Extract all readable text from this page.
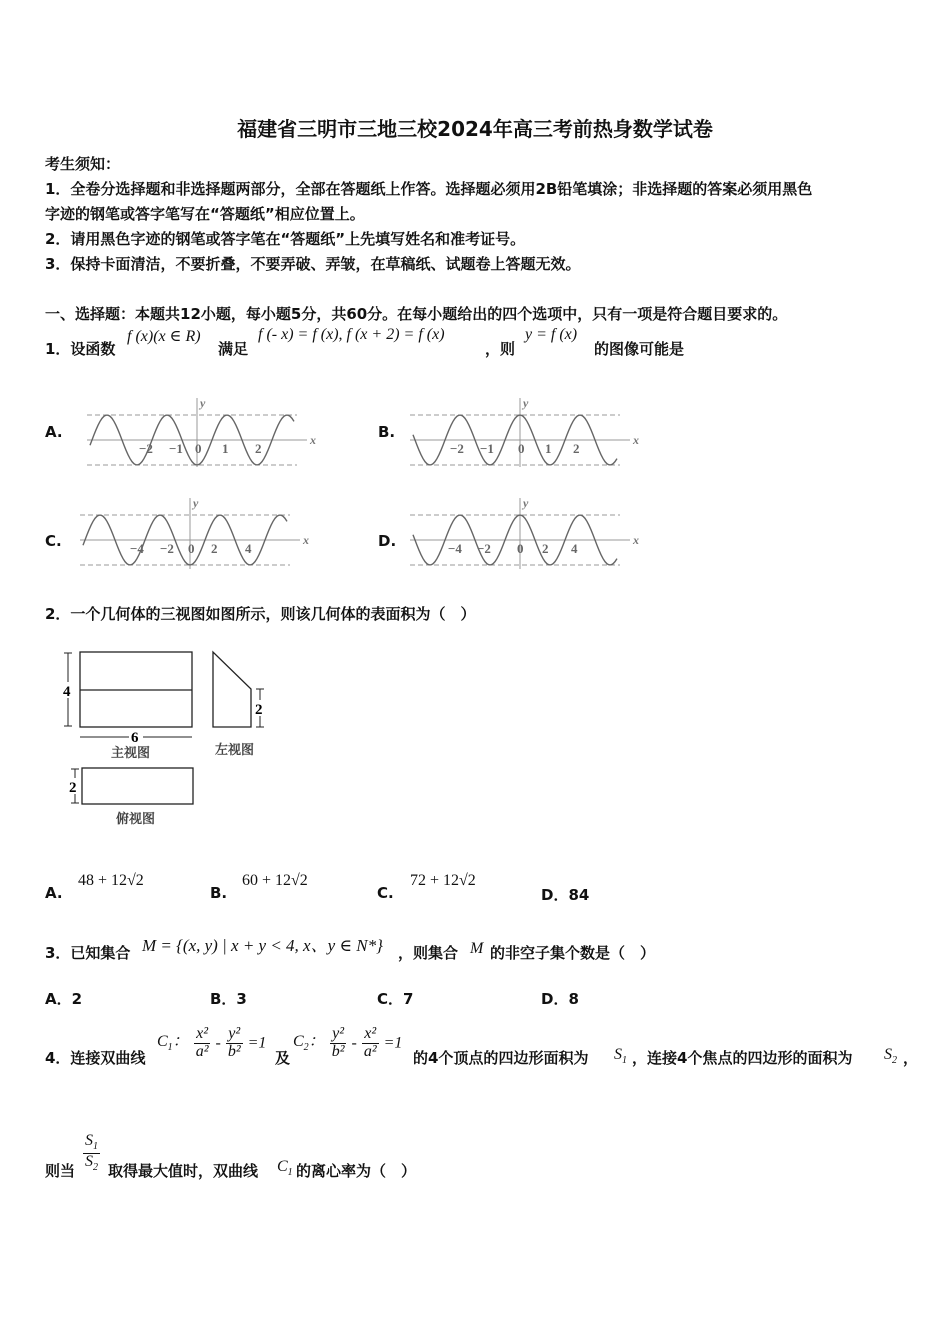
福建省三明市三地三校2024年高三考前热身数学试卷
考生须知：
1．全卷分选择题和非选择题两部分，全部在答题纸上作答。选择题必须用2B铅笔填涂；非选择题的答案必须用黑色
字迹的钢笔或答字笔写在“答题纸”相应位置上。
2．请用黑色字迹的钢笔或答字笔在“答题纸”上先填写姓名和准考证号。
3．保持卡面清洁，不要折叠，不要弄破、弄皱，在草稿纸、试题卷上答题无效。
一、选择题：本题共12小题，每小题5分，共60分。在每小题给出的四个选项中，只有一项是符合题目要求的。
1．设函数
f (x)(x ∈ R)
满足
f (- x) = f (x), f (x + 2) = f (x)
，则
y = f (x)
的图像可能是
A.	B.
C.	D.
x
y
−2 −1 0 1 2
x
y
−2 −1 0 1 2
x
y
−4 −2 0 2 4
x
y
−4 −2 0 2 4
2．一个几何体的三视图如图所示，则该几何体的表面积为（　）
4
6
主视图
2
左视图
2
俯视图
A.
48 + 12√2
B.
60 + 12√2
C.
72 + 12√2
D．84
3．已知集合 M = {(x, y) | x + y < 4, x、y ∈ N*} ，则集合 M 的非空子集个数是（　）
A．2	B．3	C．7	D．8
4．连接双曲线
$C_1$： $\frac{\text{x²}}{\text{a²}} - \frac{\text{y²}}{\text{b²}} =1$
及
$C_2$： $\frac{\text{y²}}{\text{b²}} - \frac{\text{x²}}{\text{a²}} =1$
的4个顶点的四边形面积为 $S_1$ ，连接4个焦点的四边形的面积为 $S_2$ ，
则当 $\frac{S_1}{S_2}$ 取得最大值时，双曲线 $C_1$ 的离心率为（　）
